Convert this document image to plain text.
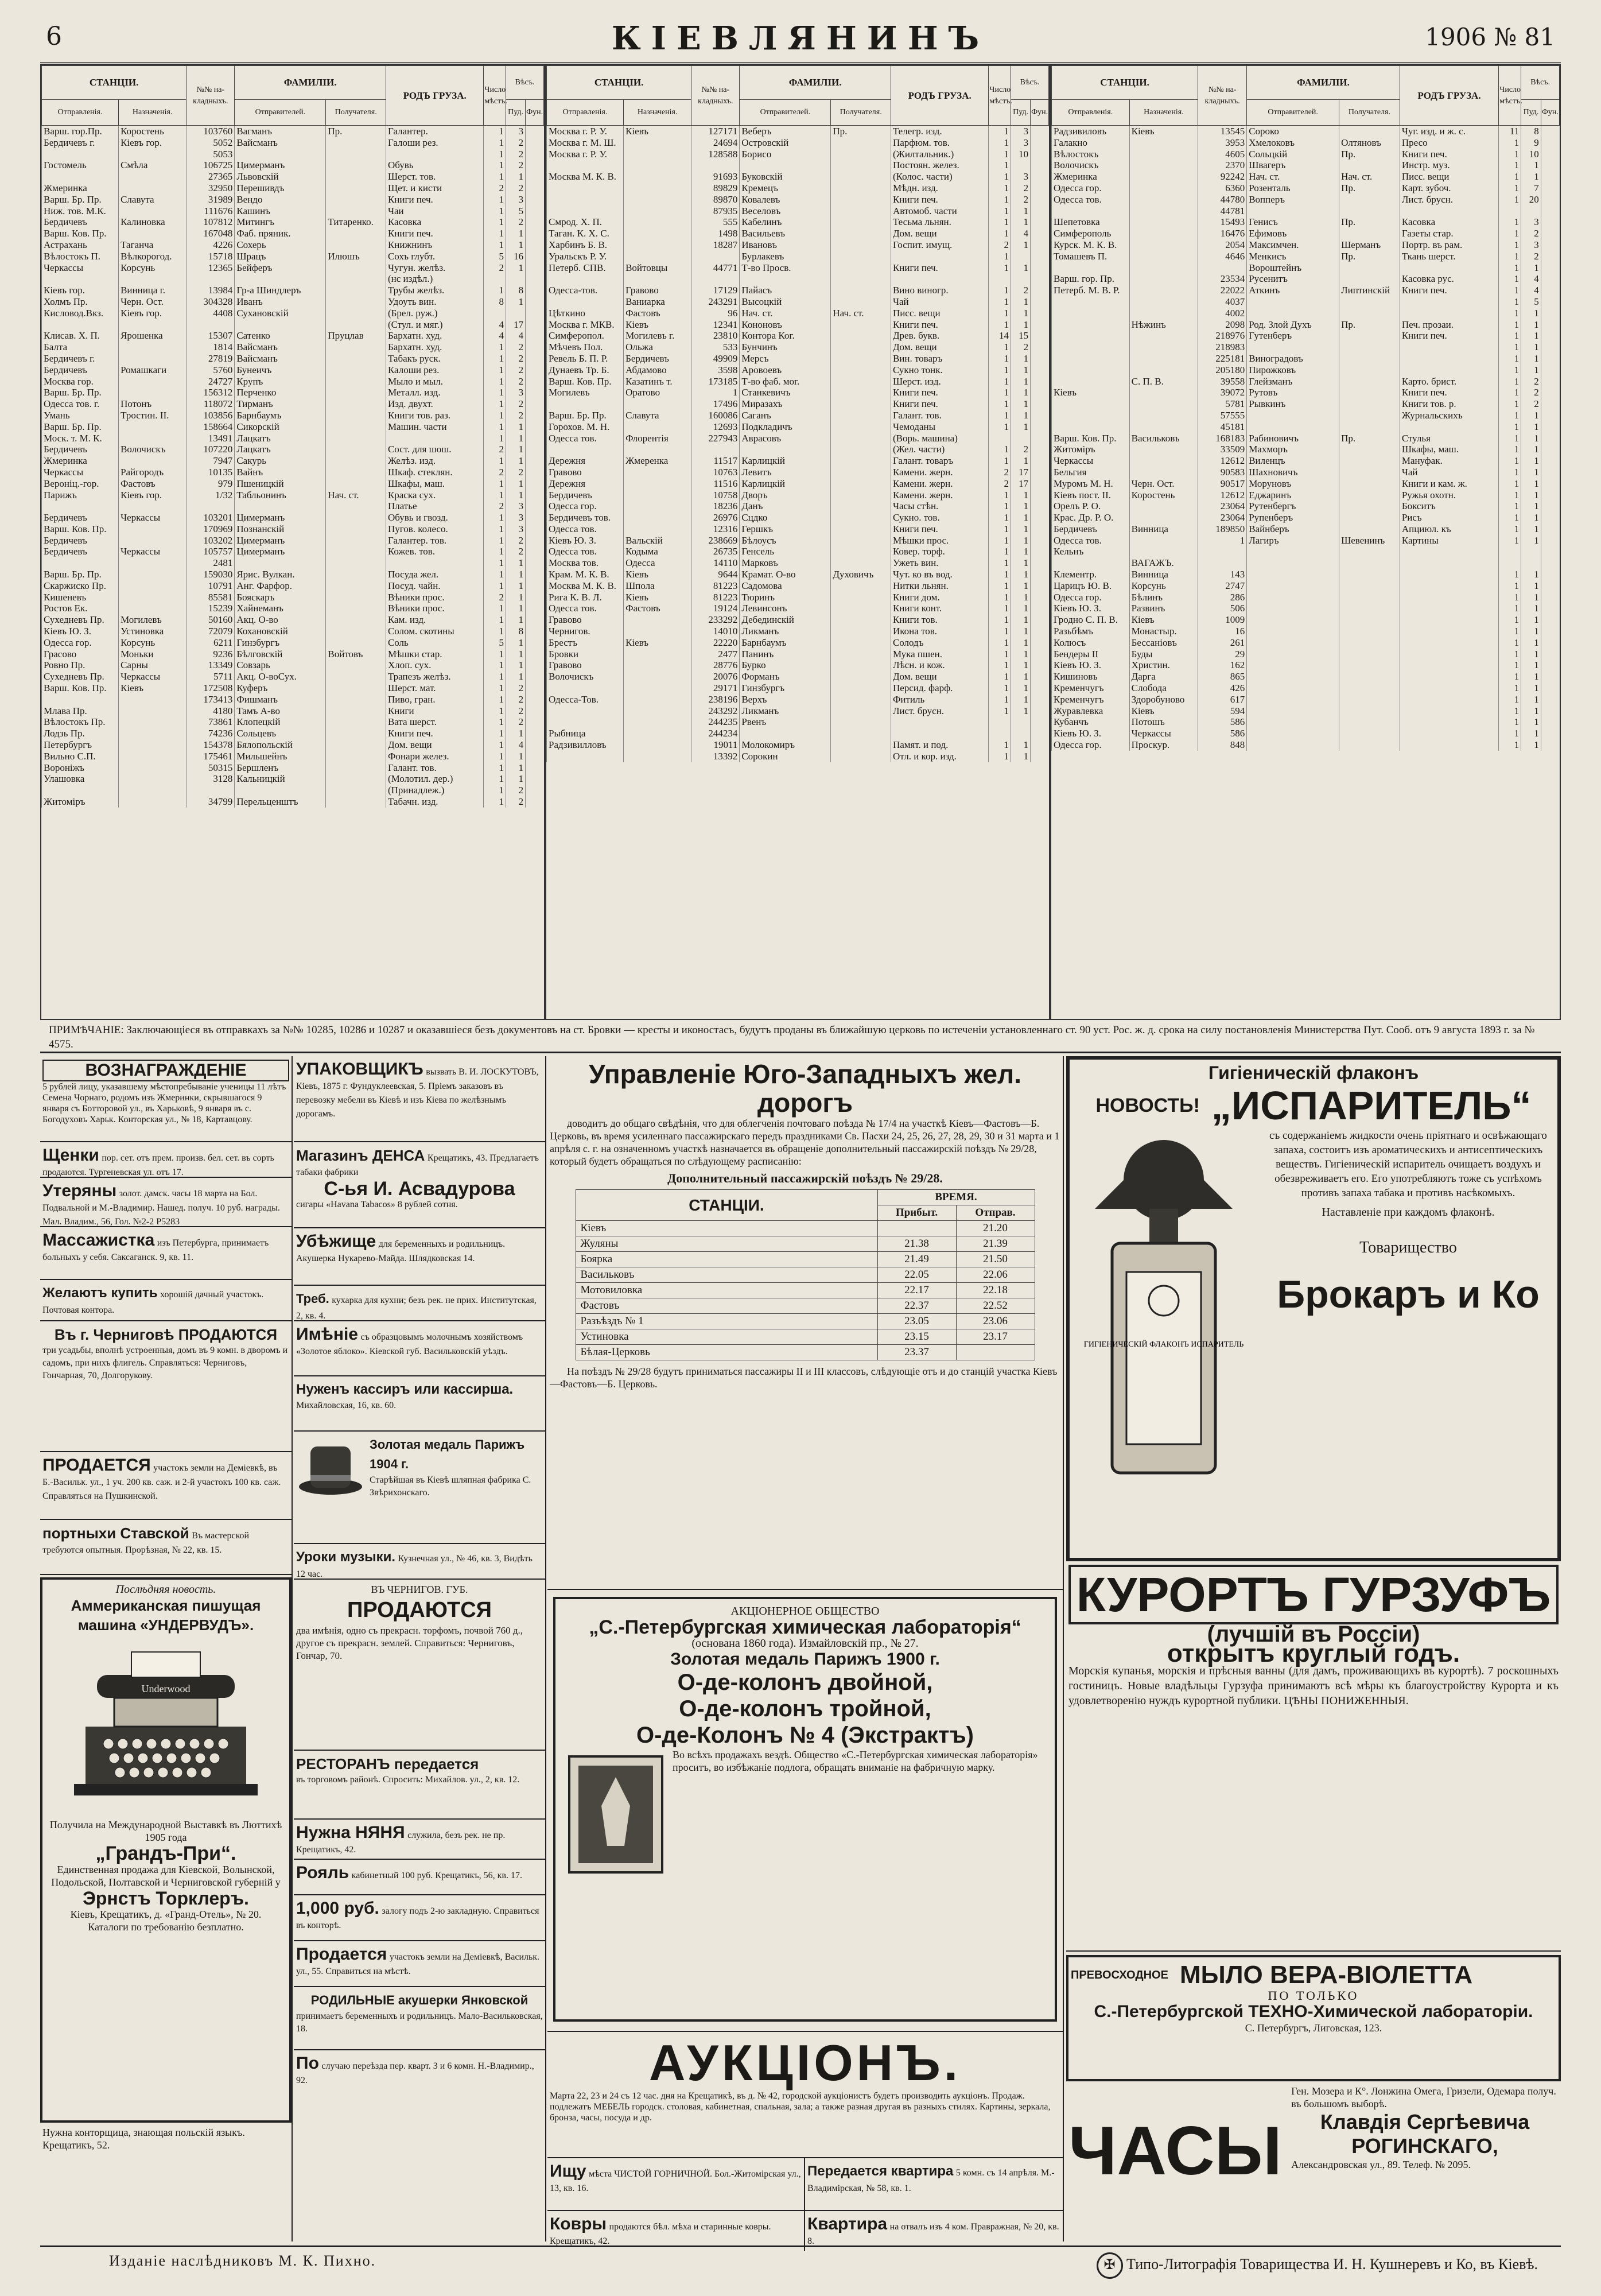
6	КІЕВЛЯНИНЪ	1906 № 81
СТАНЦІИ.		№№ на-кладныхъ.	ФАМИЛІИ.		РОДЪ ГРУЗА.	Число мѣстъ.	Вѣсъ.	
Отправленія.	Назначенія.		Отправителей.	Получателя.			Пуд.	Фун.
Варш. гор.Пр.	Коростень	103760	Вагманъ	Пр.	Галантер.	1	3	
Бердичевъ г.	Кіевъ гор.	5052	Вайсманъ		Галоши рез.	1	2	
		5053				1	2	
Гостомель	Смѣла	106725	Цимерманъ		Обувь	1	2	
		27365	Львовскій		Шерст. тов.	1	1	
Жмеринка		32950	Перешивдъ		Щет. и кисти	2	2	
Варш. Бр. Пр.	Славута	31989	Вендо		Книги печ.	1	3	
Ниж. тов. М.К.		111676	Кашинъ		Чаи	1	5	
Бердичевъ	Калиновка	107812	Митингъ	Титаренко.	Касовка	1	2	
Варш. Ков. Пр.		167048	Фаб. пряник.		Книги печ.	1	1	
Астрахань	Таганча	4226	Сохерь		Книжнинъ	1	1	
Вѣлостокъ П.	Вѣлкорогод.	15718	Шрацъ	Илюшъ	Сохъ глубт.	5	16	
Черкассы	Корсунь	12365	Бейферъ		Чугун. желѣз.	2	1	
					(нс издѣл.)			
Кіевъ гор.	Винница г.	13984	Гр-а Шиндлеръ		Трубы желѣз.	1	8	
Холмъ Пр.	Черн. Ост.	304328	Иванъ		Удоуть вин.	8	1	
Кисловод.Вкз.	Кіевъ гор.	4408	Сухановскій		(Брел. руж.)			
					(Стул. и мяг.)	4	17	
Клисав. Х. П.	Ярошенка	15307	Сатенко	Пруцлав	Бархатн. худ.	4	4	
Балта		1814	Вайсманъ		Бархатн. худ.	1	2	
Бердичевъ г.		27819	Вайсманъ		Табакъ руск.	1	2	
Бердичевъ	Ромашкаги	5760	Бунеичъ		Калоши рез.	1	2	
Москва гор.		24727	Крупъ		Мыло и мыл.	1	2	
Варш. Бр. Пр.		156312	Перченко		Металл. изд.	1	3	
Одесса тов. г.	Потонъ	118072	Тирманъ		Изд. двухт.	1	2	
Умань	Тростин. II.	103856	Барнбаумъ		Книги тов. раз.	1	2	
Варш. Бр. Пр.		158664	Сикорскій		Машин. части	1	1	
Моск. т. М. К.		13491	Лацкатъ			1	1	
Бердичевъ	Волочискъ	107220	Лацкатъ		Сост. для шош.	2	1	
Жмеринка		7947	Сакурь		Желѣз. изд.	1	1	
Черкассы	Райгородъ	10135	Вайнъ		Шкаф. стеклян.	2	2	
Вероніц.-гор.	Фастовъ	979	Пшеницкій		Шкафы, маш.	1	1	
Парижъ	Кіевъ гор.	1/32	Табльонинъ	Нач. ст.	Краска сух.	1	1	
					Платье	2	3	
Бердичевъ	Черкассы	103201	Цимерманъ		Обувь и гвозд.	1	3	
Варш. Ков. Пр.		170969	Познанскій		Пугов. колесо.	1	3	
Бердичевъ		103202	Цимерманъ		Галантер. тов.	1	2	
Бердичевъ	Черкассы	105757	Цимерманъ		Кожев. тов.	1	2	
		2481				1	1	
Варш. Бр. Пр.		159030	Ярис. Вулкан.		Посуда жел.	1	1	
Скаржиско Пр.		10791	Анг. Фарфор.		Посуд. чайн.	1	1	
Кишеневъ		85581	Бояскаръ		Вѣники прос.	2	1	
Ростов Ек.		15239	Хайнеманъ		Вѣники прос.	1	1	
Сухедневъ Пр.	Могилевъ	50160	Акц. О-во		Кам. изд.	1	1	
Кіевъ Ю. З.	Устиновка	72079	Кохановскій		Солом. скотины	1	8	
Одесса гор.	Корсунь	6211	Гинзбургъ		Соль	5	1	
Грасово	Моньки	9236	Бѣлговскій	Войтовъ	Мѣшки стар.	1	1	
Ровно Пр.	Сарны	13349	Совзарь		Хлоп. сух.	1	1	
Сухедневъ Пр.	Черкассы	5711	Акц. О-воСух.		Трапезъ желѣз.	1	1	
Варш. Ков. Пр.	Кіевъ	172508	Куферъ		Шерст. мат.	1	2	
		173413	Фишманъ		Пиво, гран.	1	2	
Млава Пр.		4180	Тамъ А-во		Книги	1	2	
Вѣлостокъ Пр.		73861	Клопецкій		Вата шерст.	1	2	
Лодзь Пр.		74236	Сольцевъ		Книги печ.	1	1	
Петербургъ		154378	Бялопольскій		Дом. вещи	1	4	
Вильно С.П.		175461	Мильшейнъ		Фонари желез.	1	1	
Вороніжъ		50315	Бершленъ		Галант. тов.	1	1	
Улашовка		3128	Кальницкій		(Молотил. дер.)	1	1	
					(Принадлеж.)	1	2	
Житоміръ		34799	Перельценштъ		Табачн. изд.	1	2	
СТАНЦІИ.		№№ на-кладныхъ.	ФАМИЛІИ.		РОДЪ ГРУЗА.	Число мѣстъ.	Вѣсъ.	
Отправленія.	Назначенія.		Отправителей.	Получателя.			Пуд.	Фун.
Москва г. Р. У.	Кіевъ	127171	Веберъ	Пр.	Телегр. изд.	1	3	
Москва г. М. Ш.		24694	Островскій		Парфюм. тов.	1	3	
Москва г. Р. У.		128588	Борисо		(Жилтальник.)	1	10	
					Постоян. желез.	1		
Москва М. К. В.		91693	Буковскій		(Колос. части)	1	3	
		89829	Кремецъ		Мѣдн. изд.	1	2	
		89870	Ковалевъ		Книги печ.	1	2	
		87935	Веселовъ		Автомоб. части	1	1	
Смрод. Х. П.		555	Кабелинъ		Тесьма льнян.	1	1	
Таган. К. Х. С.		1498	Васильевъ		Дом. вещи	1	4	
Харбинъ Б. В.		18287	Ивановъ		Госпит. имущ.	2	1	
Уральскъ Р. У.			Бурлакевъ			1		
Петерб. СПВ.	Войтовцы	44771	Т-во Просв.		Книги печ.	1	1	

Одесса-тов.	Гравово	17129	Пайасъ		Вино виногр.	1	2	
	Ваниарка	243291	Высоцкій		Чай	1	1	
Цѣткино	Фастовъ	96	Нач. ст.	Нач. ст.	Писс. вещи	1	1	
Москва г. МКВ.	Кіевъ	12341	Кононовъ		Книги печ.	1	1	
Симферопол.	Могилевъ г.	23810	Контора Ког.		Древ. букв.	14	15	
Мѣчевъ Пол.	Ольжа	533	Бунчинъ		Дом. вещи	1	2	
Ревель Б. П. Р.	Бердичевъ	49909	Мерсъ		Вин. товаръ	1	1	
Дунаевъ Тр. Б.	Абдамово	3598	Аровоевъ		Сукно тонк.	1	1	
Варш. Ков. Пр.	Казатинъ т.	173185	Т-во фаб. мог.		Шерст. изд.	1	1	
Могилевъ	Оратово	1	Станкевичъ		Книги печ.	1	1	
		17496	Миразахъ		Книги печ.	1	1	
Варш. Бр. Пр.	Славута	160086	Саганъ		Галант. тов.	1	1	
Горохов. М. Н.		12693	Подкладичъ		Чемоданы	1	1	
Одесса тов.	Флорентія	227943	Аврасовъ		(Ворь. машина)			
					(Жел. части)	1	2	
Дережня	Жмеренка	11517	Карлицкій		Галант. товаръ	1	1	
Гравово		10763	Левитъ		Камени. жерн.	2	17	
Дережня		11516	Карлицкій		Камени. жерн.	2	17	
Бердичевъ		10758	Дворъ		Камени. жерн.	1	1	
Одесса гор.		18236	Данъ		Часы стѣн.	1	1	
Бердичевъ тов.		26976	Сцдко		Сукно. тов.	1	1	
Одесса тов.		12316	Гершкъ		Книги печ.	1	1	
Кіевъ Ю. З.	Вальскій	238669	Бѣлоусъ		Мѣшки прос.	1	1	
Одесса тов.	Кодыма	26735	Генсель		Ковер. торф.	1	1	
Москва тов.	Одесса	14110	Марковъ		Ужеть вин.	1	1	
Крам. М. К. В.	Кіевъ	9644	Крамат. О-во	Духовичъ	Чут. ко въ вод.	1	1	
Москва М. К. В.	Шпола	81223	Садомова		Нитки льнян.	1	1	
Рига К. В. Л.	Кіевъ	81223	Тюринъ		Книги дом.	1	1	
Одесса тов.	Фастовъ	19124	Левинсонъ		Книги конт.	1	1	
Гравово		233292	Дебединскій		Книги тов.	1	1	
Чернигов.		14010	Ликманъ		Икона тов.	1	1	
Брестъ	Кіевъ	22220	Барнбаумъ		Солодъ	1	1	
Бровки		2477	Панинъ		Мука пшен.	1	1	
Гравово		28776	Бурко		Лѣсн. и кож.	1	1	
Волочискъ		20076	Форманъ		Дом. вещи	1	1	
		29171	Гинзбургъ		Персид. фарф.	1	1	
Одесса-Тов.		238196	Верхъ		Фитиль	1	1	
		243292	Ликманъ		Лист. брусн.	1	1	
		244235	Рвенъ					
Рыбница		244234						
Радзивилловъ		19011	Молокомиръ		Памят. и под.	1	1	
		13392	Сорокин		Отл. и кор. изд.	1	1	
СТАНЦІИ.		№№ на-кладныхъ.	ФАМИЛІИ.		РОДЪ ГРУЗА.	Число мѣстъ.	Вѣсъ.	
Отправленія.	Назначенія.		Отправителей.	Получателя.			Пуд.	Фун.
Радзивиловъ	Кіевъ	13545	Сороко		Чуг. изд. и ж. с.	11	8	
Галакно		3953	Хмелоковъ	Олтяновъ	Пресо	1	9	
Вѣлостокъ		4605	Сольцкій	Пр.	Книги печ.	1	10	
Волочискъ		2370	Швагеръ		Инстр. муз.	1	1	
Жмеринка		92242	Нач. ст.	Нач. ст.	Писс. вещи	1	1	
Одесса гор.		6360	Розенталь	Пр.	Карт. зубоч.	1	7	
Одесса тов.		44780	Вопперъ		Лист. брусн.	1	20	
		44781						
Шепетовка		15493	Генисъ	Пр.	Касовка	1	3	
Симферополь		16476	Ефимовъ		Газеты стар.	1	2	
Курск. М. К. В.		2054	Максимчен.	Шерманъ	Портр. въ рам.	1	3	
Томашевъ П.		4646	Менкисъ	Пр.	Ткань шерст.	1	2	
			Вороштейнъ			1	1	
Варш. гор. Пр.		23534	Русенитъ		Касовка рус.	1	4	
Петерб. М. В. Р.		22022	Аткинъ	Липтинскій	Книги печ.	1	4	
		4037				1	5	
		4002				1	1	
	Нѣжинъ	2098	Род. Злой Духъ	Пр.	Печ. прозаи.	1	1	
		218976	Гутенберъ		Книги печ.	1	1	
		218983				1	1	
		225181	Виноградовъ			1	1	
		205180	Пирожковъ			1	1	
	С. П. В.	39558	Глейзманъ		Карто. брист.	1	2	
Кіевъ		39072	Рутовъ		Книги печ.	1	2	
		5781	Рывкинъ		Книги тов. р.	1	2	
		57555			Журнальскихъ	1	1	
		45181				1	1	
Варш. Ков. Пр.	Васильковъ	168183	Рабиновичъ	Пр.	Стулья	1	1	
Житоміръ		33509	Махморъ		Шкафы, маш.	1	1	
Черкассы		12612	Виленцъ		Мануфак.	1	1	
Бельгия		90583	Шахновичъ		Чай	1	1	
Муромъ М. Н.	Черн. Ост.	90517	Моруновъ		Книги и кам. ж.	1	1	
Кіевъ пост. II.	Коростень	12612	Еджаринъ		Ружья охотн.	1	1	
Орелъ Р. О.		23064	Рутенбергъ		Бокситъ	1	1	
Крас. Др. Р. О.		23064	Рупенберъ		Рисъ	1	1	
Бердичевъ	Винница	189850	Вайнберъ		Апциюл. къ	1	1	
Одесса тов.		1	Лагиръ	Шевенинъ	Картины	1	1	
Кельнъ								
	ВАГАЖЪ.							
Клементр.	Винница	143				1	1	
Царицъ Ю. В.	Корсунь	2747				1	1	
Одесса гор.	Бѣлинъ	286				1	1	
Кіевъ Ю. З.	Развинъ	506				1	1	
Гродно С. П. В.	Кіевъ	1009				1	1	
Разьбѣмъ	Монастыр.	16				1	1	
Колюсъ	Бессаніовъ	261				1	1	
Бендеры II	Буды	29				1	1	
Кіевъ Ю. З.	Христин.	162				1	1	
Кишиновъ	Дарга	865				1	1	
Кременчугъ	Слобода	426				1	1	
Кременчугъ	Здоробуново	617				1	1	
Журавлевка	Кіевъ	594				1	1	
Кубанчъ	Потошъ	586				1	1	
Кіевъ Ю. З.	Черкассы	586				1	1	
Одесса гор.	Проскур.	848				1	1	
ПРИМѢЧАНІЕ: Заключающіеся въ отправкахъ за №№ 10285, 10286 и 10287 и оказавшіеся безъ документовъ на ст. Бровки — кресты и иконостасъ, будутъ проданы въ ближайшую церковь по истеченіи установленнаго ст. 90 уст. Рос. ж. д. срока на силу постановленія Министерства Пут. Сооб. отъ 9 августа 1893 г. за № 4575.
ВОЗНАГРАЖДЕНІЕ
5 рублей лицу, указавшему мѣстопребываніе ученицы 11 лѣтъ Семена Чорнаго, родомъ изъ Жмеринки, скрывшагося 9 января съ Ботторовой ул., въ Харьковѣ, 9 января въ с. Богодуховъ Харьк. Конторская ул., № 18, Картавцову.
Щенки пор. сет. отъ прем. произв. бел. сет. въ сорть продаются. Тургеневская ул. отъ 17.
Утеряны золот. дамск. часы 18 марта на Бол. Подвальной и М.-Владимир. Нашед. получ. 10 руб. награды. Мал. Владим., 56, Гол. №2-2 Р5283
Массажистка изъ Петербурга, принимаетъ больныхъ у себя. Саксаганск. 9, кв. 11.
Желаютъ купить хорошій дачный участокъ. Почтовая контора.
Въ г. Черниговѣ ПРОДАЮТСЯ
три усадьбы, вполнѣ устроенныя, домъ въ 9 комн. в дворомъ и садомъ, при нихъ флигель. Справляться: Черниговъ, Гончарная, 70, Долгорукову.
ПРОДАЕТСЯ участокъ земли на Деміевкѣ, въ Б.-Васильк. ул., 1 уч. 200 кв. саж. и 2-й участокъ 100 кв. саж. Справляться на Пушкинской.
портныхи Ставской Въ мастерской требуются опытныя. Прорѣзная, № 22, кв. 15.
Послѣдняя новость.
Аммериканская пишущая машина «УНДЕРВУДЪ».
Underwood
Получила на Международной Выставкѣ въ Люттихѣ 1905 года
„Грандъ-При“.
Единственная продажа для Кіевской, Волынской, Подольской, Полтавской и Черниговской губерній у
Эрнстъ Торклеръ.
Кіевъ, Крещатикъ, д. «Гранд-Отель», № 20.
Каталоги по требованію безплатно.
Нужна конторщица, знающая польскій языкъ. Крещатикъ, 52.
УПАКОВЩИКЪ вызвать В. И. ЛОСКУТОВЪ, Кіевъ, 1875 г. Фундуклеевская, 5. Пріемъ заказовъ въ перевозку мебели въ Кіевѣ и изъ Кіева по желѣзнымъ дорогамъ.
Магазинъ ДЕНСА Крещатикъ, 43. Предлагаетъ табаки фабрики
С-ья И. Асвадурова
сигары «Havana Tabacos» 8 рублей сотня.
Убѣжище для беременныхъ и родильницъ. Акушерка Нукарево-Майда. Шлядковская 14.
Треб. кухарка для кухни; безъ рек. не прих. Институтская, 2, кв. 4.
Имѣніе съ образцовымъ молочнымъ хозяйствомъ «Золотое яблоко». Кіевской губ. Васильковскій уѣздъ.
Нуженъ кассиръ или кассирша.
Михайловская, 16, кв. 60.
Золотая медаль Парижъ 1904 г.
Старѣйшая въ Кіевѣ шляпная фабрика С. Звѣрихонскаго.
Уроки музыки. Кузнечная ул., № 46, кв. 3, Видѣть 12 час.
ВЪ ЧЕРНИГОВ. ГУБ.
ПРОДАЮТСЯ
два имѣнія, одно съ прекрасн. торфомъ, почвой 760 д., другое съ прекрасн. землей. Справиться: Черниговъ, Гончар, 70.
РЕСТОРАНЪ передается
въ торговомъ районѣ. Спросить: Михайлов. ул., 2, кв. 12.
Нужна НЯНЯ служила, безъ рек. не пр. Крещатикъ, 42.
Рояль кабинетный 100 руб. Крещатикъ, 56, кв. 17.
1,000 руб. залогу подъ 2-ю закладную. Справиться въ конторѣ.
Продается участокъ земли на Деміевкѣ, Васильк. ул., 55. Справиться на мѣстѣ.
РОДИЛЬНЫЕ акушерки Янковской
принимаетъ беременныхъ и родильницъ. Мало-Васильковская, 18.
По случаю переѣзда пер. кварт. 3 и 6 комн. Н.-Владимир., 92.
Управленіе Юго-Западныхъ жел. дорогъ
доводитъ до общаго свѣдѣнія, что для облегченія почтоваго поѣзда № 17/4 на участкѣ Кіевъ—Фастовъ—Б. Церковь, въ время усиленнаго пассажирскаго передъ праздниками Св. Пасхи 24, 25, 26, 27, 28, 29, 30 и 31 марта и 1 апрѣля с. г. на означенномъ участкѣ назначается въ обращеніе дополнительный пассажирскій поѣздъ № 29/28, который будетъ обращаться по слѣдующему расписанію:
Дополнительный пассажирскій поѣздъ № 29/28.
СТАНЦІИ.	ВРЕМЯ.	
	Прибыт.	Отправ.
Кіевъ		21.20
Жуляны	21.38	21.39
Боярка	21.49	21.50
Васильковъ	22.05	22.06
Мотовиловка	22.17	22.18
Фастовъ	22.37	22.52
Разъѣздъ № 1	23.05	23.06
Устиновка	23.15	23.17
Бѣлая-Церковь	23.37	
На поѣздъ № 29/28 будутъ приниматься пассажиры II и III классовъ, слѣдующіе отъ и до станцій участка Кіевъ—Фастовъ—Б. Церковь.
АКЦІОНЕРНОЕ ОБЩЕСТВО
„С.-Петербургская химическая лабораторія“
(основана 1860 года). Измайловскій пр., № 27.
Золотая медаль Парижъ 1900 г.
О-де-колонъ двойной,
О-де-колонъ тройной,
О-де-Колонъ № 4 (Экстрактъ)
Во всѣхъ продажахъ вездѣ. Общество «С.-Петербургская химическая лабораторія» проситъ, во избѣжаніе подлога, обращать вниманіе на фабричную марку.
АУКЦІОНЪ.
Марта 22, 23 и 24 съ 12 час. дня на Крещатикѣ, въ д. № 42, городской аукціонистъ будетъ производить аукціонъ. Продаж. подлежатъ МЕБЕЛЬ городск. столовая, кабинетная, спальная, зала; а также разная другая въ разныхъ стилях. Картины, зеркала, бронза, часы, посуда и др.
Ищу мѣста ЧИСТОЙ ГОРНИЧНОЙ. Бол.-Житомірская ул., 13, кв. 16.
Передается квартира 5 комн. съ 14 апрѣля. М.-Владимірская, № 58, кв. 1.
Ковры продаются бѣл. мѣха и старинные ковры. Крещатикъ, 42.
Квартира на отвалъ изъ 4 ком. Правражная, № 20, кв. 8.
Гигіеническій флаконъ
НОВОСТЬ! „ИСПАРИТЕЛЬ“
ГИГІЕНИЧЕСКІЙ ФЛАКОНЪ ИСПАРИТЕЛЬ
съ содержаніемъ жидкости очень пріятнаго и освѣжающаго запаха, состоитъ изъ ароматическихъ и антисептическихъ веществъ. Гигіеническій испаритель очищаетъ воздухъ и обезвреживаетъ его. Его употребляютъ тоже съ успѣхомъ противъ запаха табака и противъ насѣкомыхъ.
Наставленіе при каждомъ флаконѣ.
Товарищество
Брокаръ и Ко
КУРОРТЪ ГУРЗУФЪ
(лучшій въ Россіи)
открытъ круглый годъ.
Морскія купанья, морскія и прѣсныя ванны (для дамъ, проживающихъ въ курортѣ). 7 роскошныхъ гостиницъ. Новые владѣльцы Гурзуфа принимаютъ всѣ мѣры къ благоустройству Курорта и къ удовлетворенію нуждъ курортной публики. ЦѢНЫ ПОНИЖЕННЫЯ.
ПРЕВОСХОДНОЕ МЫЛО ВЕРА-ВІОЛЕТТА
ПО ТОЛЬКО
С.-Петербургской ТЕХНО-Химической лабораторіи.
С. Петербургъ, Лиговская, 123.
ЧАСЫ
Ген. Мозера и К°. Лонжина Омега, Гризели, Одемара получ. въ большомъ выборѣ.
Клавдія Сергѣевича РОГИНСКАГО,
Александровская ул., 89. Телеф. № 2095.
Изданіе наслѣдниковъ М. К. Пихно.	✠ Типо-Литографія Товарищества И. Н. Кушнеревъ и Ко, въ Кіевѣ.
